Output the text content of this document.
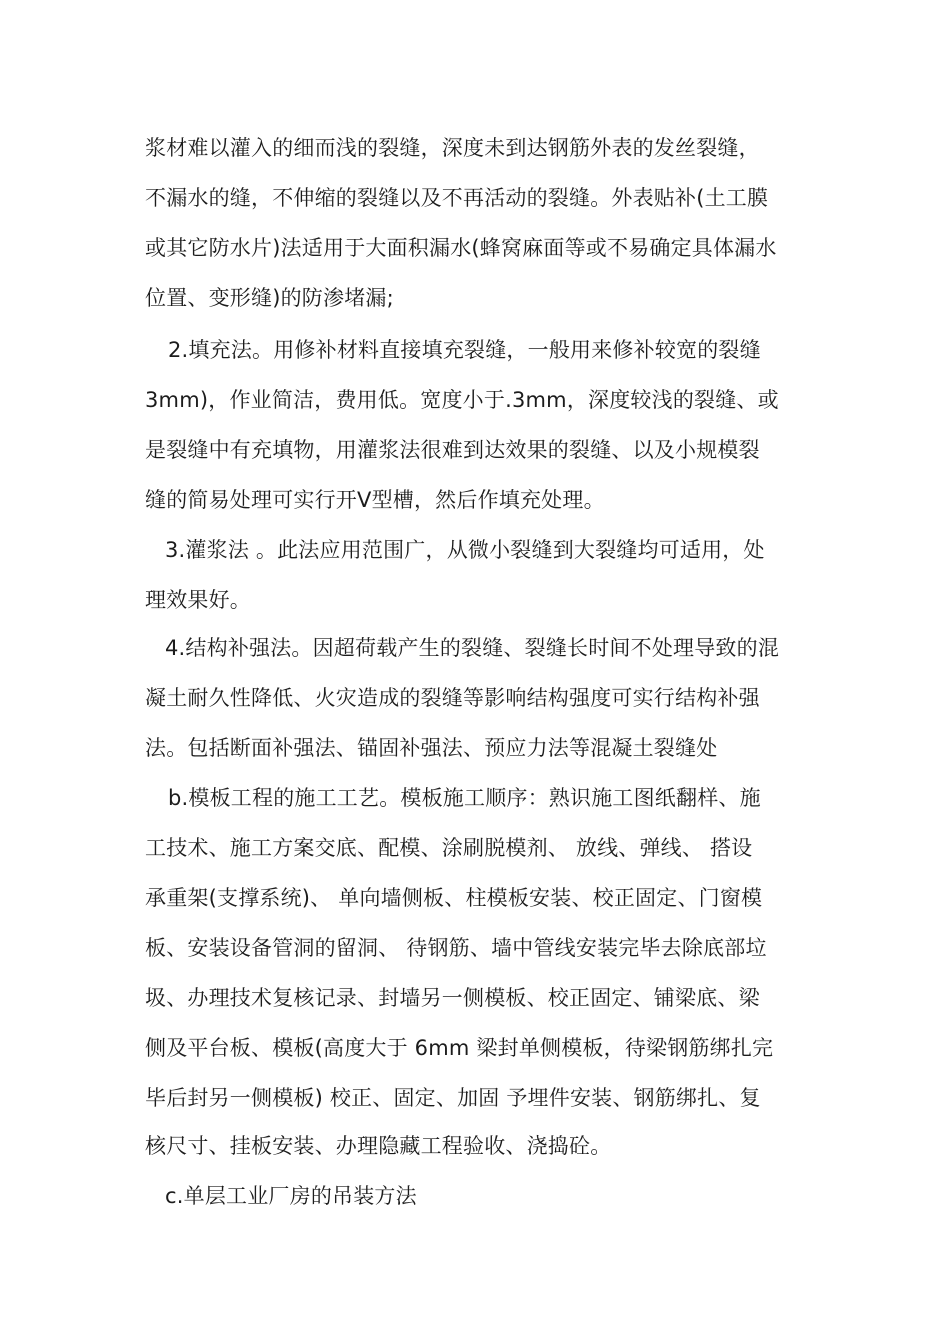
浆材难以灌入的细而浅的裂缝，深度未到达钢筋外表的发丝裂缝，
不漏水的缝，不伸缩的裂缝以及不再活动的裂缝。外表贴补(土工膜
或其它防水片)法适用于大面积漏水(蜂窝麻面等或不易确定具体漏水
位置、变形缝)的防渗堵漏;
2.填充法。用修补材料直接填充裂缝，一般用来修补较宽的裂缝
3mm)，作业简洁，费用低。宽度小于.3mm，深度较浅的裂缝、或
是裂缝中有充填物，用灌浆法很难到达效果的裂缝、以及小规模裂
缝的简易处理可实行开Ⅴ型槽，然后作填充处理。
3.灌浆法 。此法应用范围广，从微小裂缝到大裂缝均可适用，处
理效果好。
4.结构补强法。因超荷载产生的裂缝、裂缝长时间不处理导致的混
凝土耐久性降低、火灾造成的裂缝等影响结构强度可实行结构补强
法。包括断面补强法、锚固补强法、预应力法等混凝土裂缝处
b.模板工程的施工工艺。模板施工顺序：熟识施工图纸翻样、施
工技术、施工方案交底、配模、涂刷脱模剂、 放线、弹线、 搭设
承重架(支撑系统)、 单向墙侧板、柱模板安装、校正固定、门窗模
板、安装设备管洞的留洞、 待钢筋、墙中管线安装完毕去除底部垃
圾、办理技术复核记录、封墙另一侧模板、校正固定、铺梁底、梁
侧及平台板、模板(高度大于 6mm 梁封单侧模板，待梁钢筋绑扎完
毕后封另一侧模板) 校正、固定、加固 予埋件安装、钢筋绑扎、复
核尺寸、挂板安装、办理隐藏工程验收、浇捣砼。
c.单层工业厂房的吊装方法
